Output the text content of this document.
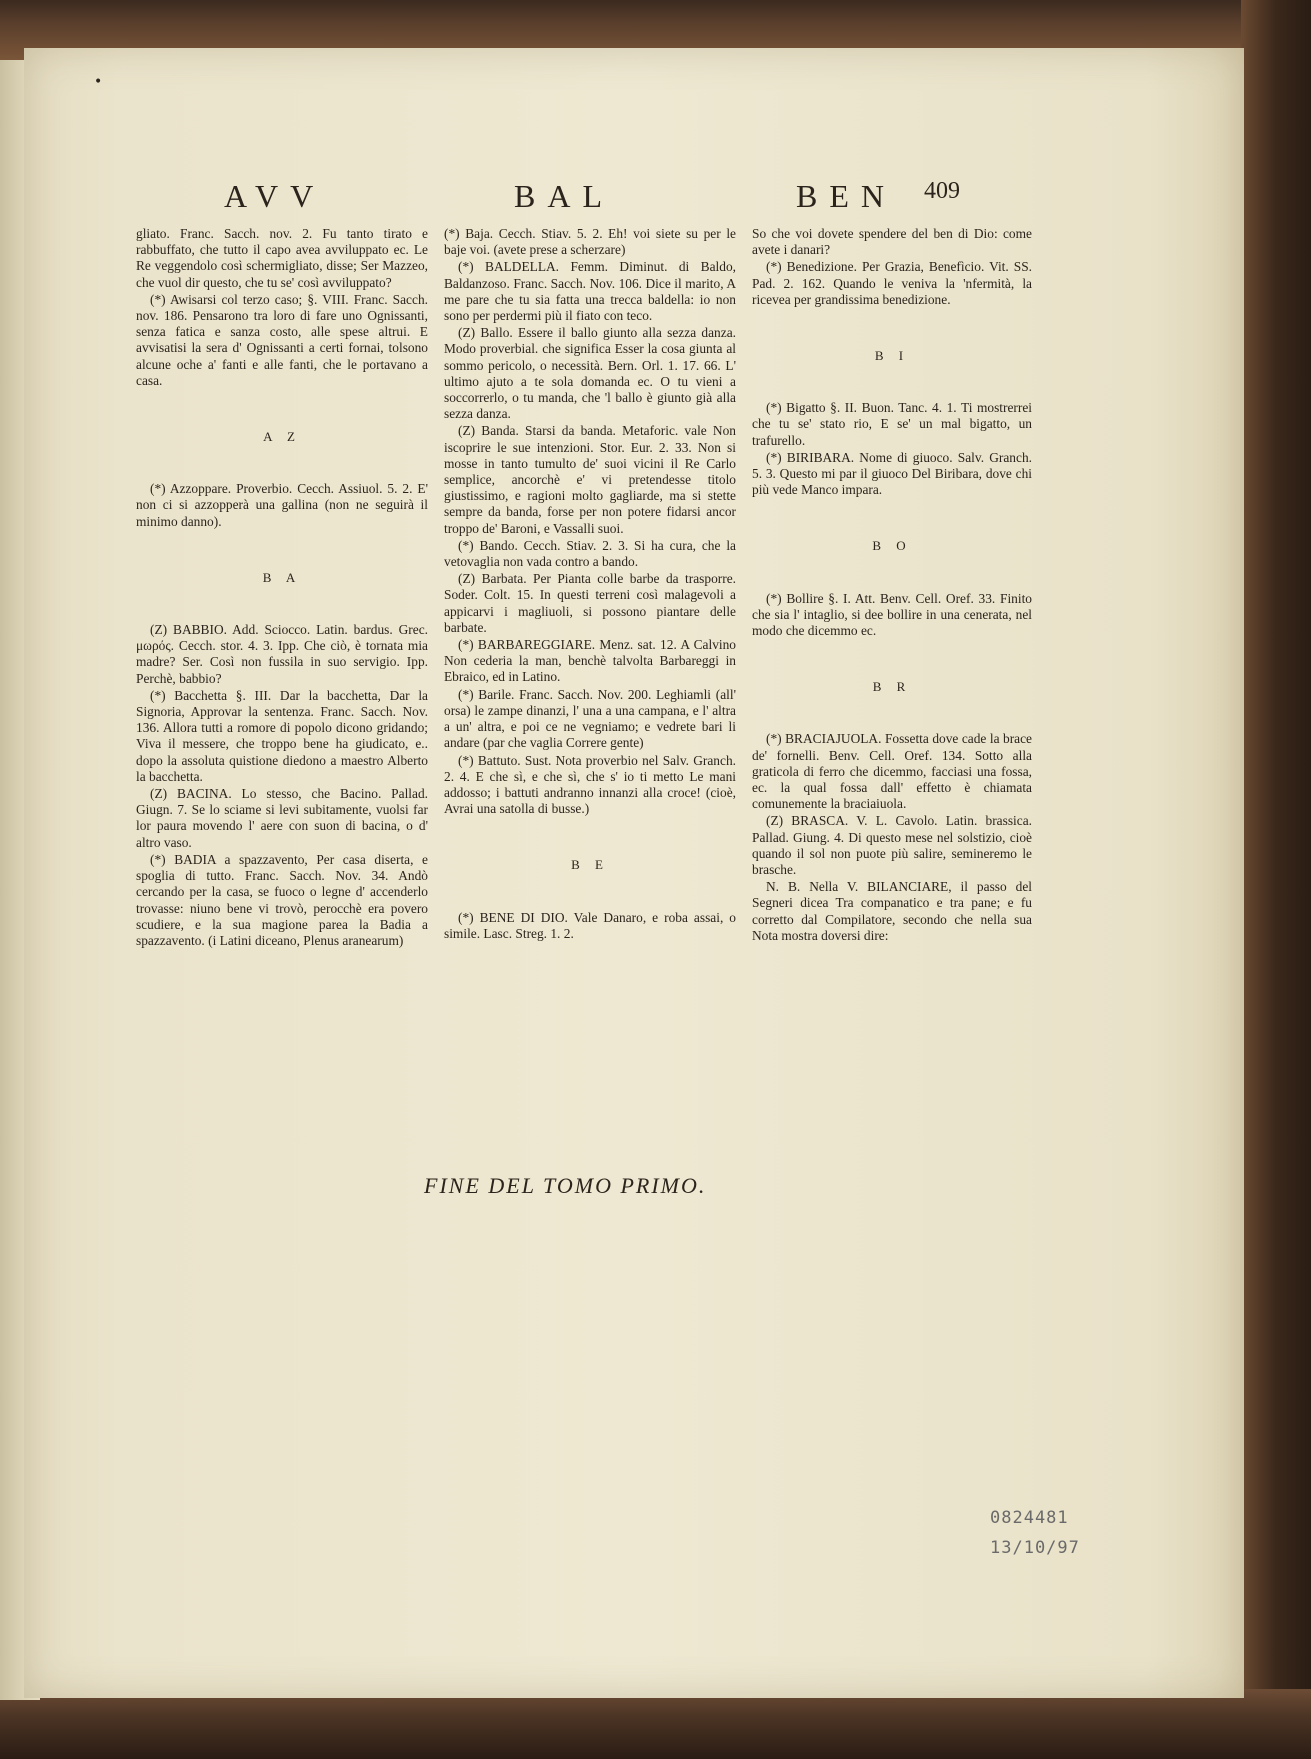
•
AVV	BAL	BEN 409

gliato. Franc. Sacch. nov. 2. Fu tanto tirato e rabbuffato, che tutto il capo avea avviluppato ec. Le Re veggendolo così schermigliato, disse; Ser Mazzeo, che vuol dir questo, che tu se' così avviluppato?

(*) Awisarsi col terzo caso; §. VIII. Franc. Sacch. nov. 186. Pensarono tra loro di fare uno Ognissanti, senza fatica e sanza costo, alle spese altrui. E avvisatisi la sera d' Ognissanti a certi fornai, tolsono alcune oche a' fanti e alle fanti, che le portavano a casa.

A Z

(*) Azzoppare. Proverbio. Cecch. Assiuol. 5. 2. E' non ci si azzopperà una gallina (non ne seguirà il minimo danno).

B A

(Z) BABBIO. Add. Sciocco. Latin. bardus. Grec. μωρός. Cecch. stor. 4. 3. Ipp. Che ciò, è tornata mia madre? Ser. Così non fussila in suo servigio. Ipp. Perchè, babbio?

(*) Bacchetta §. III. Dar la bacchetta, Dar la Signoria, Approvar la sentenza. Franc. Sacch. Nov. 136. Allora tutti a romore di popolo dicono gridando; Viva il messere, che troppo bene ha giudicato, e.. dopo la assoluta quistione diedono a maestro Alberto la bacchetta.

(Z) BACINA. Lo stesso, che Bacino. Pallad. Giugn. 7. Se lo sciame si levi subitamente, vuolsi far lor paura movendo l' aere con suon di bacina, o d' altro vaso.

(*) BADIA a spazzavento, Per casa diserta, e spoglia di tutto. Franc. Sacch. Nov. 34. Andò cercando per la casa, se fuoco o legne d' accenderlo trovasse: niuno bene vi trovò, perocchè era povero scudiere, e la sua magione parea la Badia a spazzavento. (i Latini diceano, Plenus aranearum)

(*) Baja. Cecch. Stiav. 5. 2. Eh! voi siete su per le baje voi. (avete prese a scherzare)

(*) BALDELLA. Femm. Diminut. di Baldo, Baldanzoso. Franc. Sacch. Nov. 106. Dice il marito, A me pare che tu sia fatta una trecca baldella: io non sono per perdermi più il fiato con teco.

(Z) Ballo. Essere il ballo giunto alla sezza danza. Modo proverbial. che significa Esser la cosa giunta al sommo pericolo, o necessità. Bern. Orl. 1. 17. 66. L' ultimo ajuto a te sola domanda ec. O tu vieni a soccorrerlo, o tu manda, che 'l ballo è giunto già alla sezza danza.

(Z) Banda. Starsi da banda. Metaforic. vale Non iscoprire le sue intenzioni. Stor. Eur. 2. 33. Non si mosse in tanto tumulto de' suoi vicini il Re Carlo semplice, ancorchè e' vi pretendesse titolo giustissimo, e ragioni molto gagliarde, ma si stette sempre da banda, forse per non potere fidarsi ancor troppo de' Baroni, e Vassalli suoi.

(*) Bando. Cecch. Stiav. 2. 3. Si ha cura, che la vetovaglia non vada contro a bando.

(Z) Barbata. Per Pianta colle barbe da trasporre. Soder. Colt. 15. In questi terreni così malagevoli a appicarvi i magliuoli, si possono piantare delle barbate.

(*) BARBAREGGIARE. Menz. sat. 12. A Calvino Non cederia la man, benchè talvolta Barbareggi in Ebraico, ed in Latino.

(*) Barile. Franc. Sacch. Nov. 200. Leghiamli (all' orsa) le zampe dinanzi, l' una a una campana, e l' altra a un' altra, e poi ce ne vegniamo; e vedrete bari li andare (par che vaglia Correre gente)

(*) Battuto. Sust. Nota proverbio nel Salv. Granch. 2. 4. E che sì, e che sì, che s' io ti metto Le mani addosso; i battuti andranno innanzi alla croce! (cioè, Avrai una satolla di busse.)

B E

(*) BENE DI DIO. Vale Danaro, e roba assai, o simile. Lasc. Streg. 1. 2.

So che voi dovete spendere del ben di Dio: come avete i danari?

(*) Benedizione. Per Grazia, Benefìcio. Vit. SS. Pad. 2. 162. Quando le veniva la 'nfermità, la ricevea per grandissima benedizione.

B I

(*) Bigatto §. II. Buon. Tanc. 4. 1. Ti mostrerrei che tu se' stato rio, E se' un mal bigatto, un trafurello.

(*) BIRIBARA. Nome di giuoco. Salv. Granch. 5. 3. Questo mi par il giuoco Del Biribara, dove chi più vede Manco impara.

B O

(*) Bollire §. I. Att. Benv. Cell. Oref. 33. Finito che sia l' intaglio, si dee bollire in una cenerata, nel modo che dicemmo ec.

B R

(*) BRACIAJUOLA. Fossetta dove cade la brace de' fornelli. Benv. Cell. Oref. 134. Sotto alla graticola di ferro che dicemmo, facciasi una fossa, ec. la qual fossa dall' effetto è chiamata comunemente la braciaiuola.

(Z) BRASCA. V. L. Cavolo. Latin. brassica. Pallad. Giung. 4. Di questo mese nel solstizio, cioè quando il sol non puote più salire, semineremo le brasche.

N. B. Nella V. BILANCIARE, il passo del Segneri dicea Tra companatico e tra pane; e fu corretto dal Compilatore, secondo che nella sua Nota mostra doversi dire:

FINE DEL TOMO PRIMO.
0824481
13/10/97
